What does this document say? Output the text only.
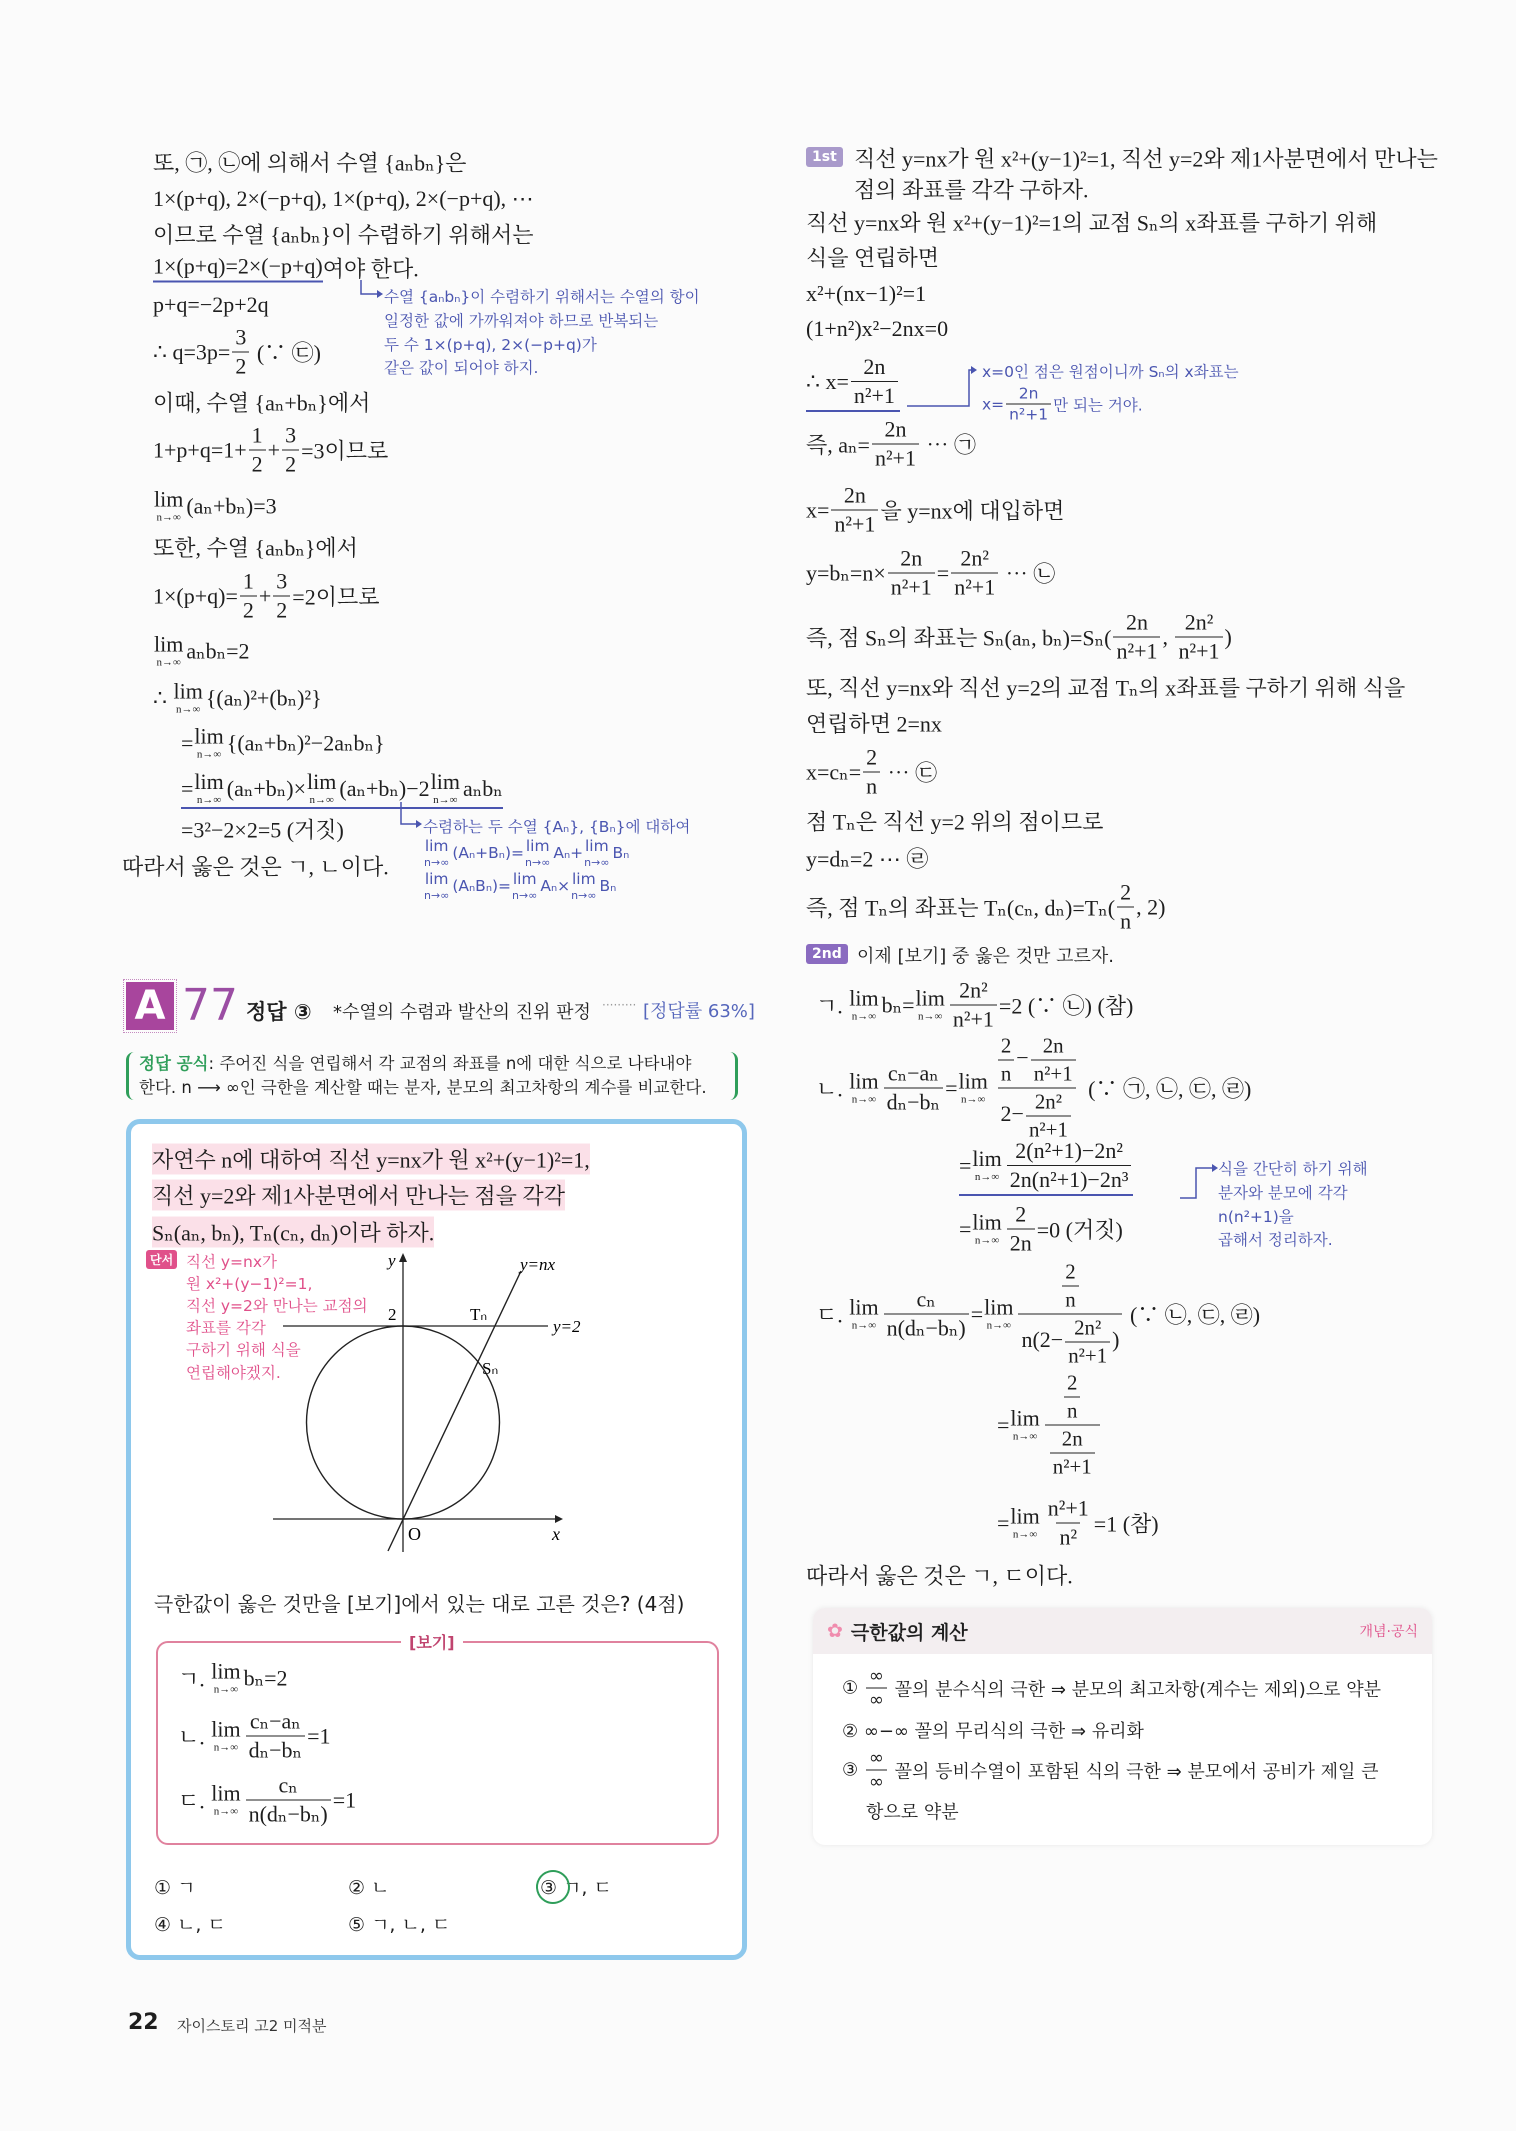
또, ㉠, ㉡에 의해서 수열 {aₙbₙ}은
1×(p+q), 2×(−p+q), 1×(p+q), 2×(−p+q), ⋯
이므로 수열 {aₙbₙ}이 수렴하기 위해서는
1×(p+q)=2×(−p+q) 여야 한다.
p+q=−2p+2q
∴ $q=3p= \frac{3}{2}$ (∵ ㉢)
이때, 수열 {aₙ+bₙ}에서
$1+p+q=1+ \frac{1}{2} + \frac{3}{2} =3$이므로
lim
n→∞ (aₙ+bₙ)=3
또한, 수열 {aₙbₙ}에서
$1\times(p+q)= \frac{1}{2} + \frac{3}{2} =2$이므로
lim
n→∞ aₙbₙ=2
∴ lim
n→∞ {(aₙ)²+(bₙ)²}
= lim
n→∞ {(aₙ+bₙ)²−2aₙbₙ}
= lim
n→∞ (aₙ+bₙ)× lim
n→∞ (aₙ+bₙ)−2 lim
n→∞ aₙbₙ
=3²−2×2=5 (거짓)
따라서 옳은 것은 ㄱ, ㄴ이다.
수열 {aₙbₙ}이 수렴하기 위해서는 수열의 항이
일정한 값에 가까워져야 하므로 반복되는
두 수 1×(p+q), 2×(−p+q)가
같은 값이 되어야 하지.
수렴하는 두 수열 {Aₙ}, {Bₙ}에 대하여
lim
n→∞ (Aₙ+Bₙ)= lim
n→∞ Aₙ+ lim
n→∞ Bₙ
lim
n→∞ (AₙBₙ)= lim
n→∞ Aₙ× lim
n→∞ Bₙ
A 77 정답 ③ *수열의 수렴과 발산의 진위 판정 ········· [정답률 63%]
정답 공식: 주어진 식을 연립해서 각 교점의 좌표를 n에 대한 식으로 나타내야
한다. n ⟶ ∞인 극한을 계산할 때는 분자, 분모의 최고차항의 계수를 비교한다.
자연수 n에 대하여 직선 y=nx가 원 x²+(y−1)²=1,
직선 y=2와 제1사분면에서 만나는 점을 각각
Sₙ(aₙ, bₙ), Tₙ(cₙ, dₙ)이라 하자.
단서 직선 y=nx가
원 x²+(y−1)²=1,
직선 y=2와 만나는 교점의
좌표를 각각
구하기 위해 식을
연립해야겠지.
y
x
O
2
y=nx
y=2
Tₙ
Sₙ
극한값이 옳은 것만을 [보기]에서 있는 대로 고른 것은? (4점)
[보기]
ㄱ. lim
n→∞ bₙ=2
ㄴ. lim
$n\to\infty \frac{\text{cₙ−aₙ}}{\text{dₙ−bₙ}} =1$
ㄷ. lim
$n\to\infty \frac{\text{cₙ}}{\text{n(dₙ−bₙ)}} =1$
① ㄱ	② ㄴ	③ ㄱ, ㄷ
④ ㄴ, ㄷ	⑤ ㄱ, ㄴ, ㄷ
1st 직선 y=nx가 원 x²+(y−1)²=1, 직선 y=2와 제1사분면에서 만나는
점의 좌표를 각각 구하자.
직선 y=nx와 원 x²+(y−1)²=1의 교점 Sₙ의 x좌표를 구하기 위해
식을 연립하면
x²+(nx−1)²=1
(1+n²)x²−2nx=0
∴ $x= \frac{2n}{\text{n²+1}}$
즉, $a_n= \frac{2n}{\text{n²+1}}$ ⋯ ㉠
$x= \frac{2n}{\text{n²+1}}$ 을 y=nx에 대입하면
$y=b_n=n\times \frac{2n}{\text{n²+1}} = \frac{\text{2n²}}{\text{n²+1}}$ ⋯ ㉡
즉, 점 Sₙ의 좌표는 Sₙ(aₙ, $b_n)=S_n( \frac{2n}{\text{n²+1}}$ , $\frac{\text{2n²}}{\text{n²+1}}$ )
또, 직선 y=nx와 직선 y=2의 교점 Tₙ의 x좌표를 구하기 위해 식을
연립하면 2=nx
$x=c_n= \frac{2}{n}$ ⋯ ㉢
점 Tₙ은 직선 y=2 위의 점이므로
y=dₙ=2 ⋯ ㉣
즉, 점 Tₙ의 좌표는 Tₙ(cₙ, $d_n)=T_n( \frac{2}{n}$ , 2)
x=0인 점은 원점이니까 Sₙ의 x좌표는
$x= \frac{2n}{\text{n²+1}}$ 만 되는 거야.
2nd 이제 [보기] 중 옳은 것만 고르자.
ㄱ. lim
n→∞ bₙ= lim
$n\to\infty \frac{\text{2n²}}{\text{n²+1}} =2$ (∵ ㉡) (참)
ㄴ. lim
$n\to\infty \frac{\text{cₙ−aₙ}}{\text{dₙ−bₙ}} = \lim$
$n\to\infty \frac{\frac{2}{n} - \frac{2n}{\text{n²+1}}}{2- \frac{\text{2n²}}{\text{n²+1}}}$ (∵ ㉠, ㉡, ㉢, ㉣)
= lim
$n\to\infty \frac{\text{2(n²+1)−2n²}}{\text{2n(n²+1)−2n³}}$
= lim
$n\to\infty \frac{2}{2n} =0$ (거짓)
ㄷ. lim
$n\to\infty \frac{\text{cₙ}}{\text{n(dₙ−bₙ)}} = \lim$
$n\to\infty \frac{\frac{2}{n}}{n(2- \frac{\text{2n²}}{\text{n²+1}} )}$ (∵ ㉡, ㉢, ㉣)
= lim
$n\to\infty \frac{\frac{2}{n}}{\frac{2n}{\text{n²+1}}}$
= lim
$n\to\infty \frac{\text{n²+1}}{\text{n²}} =1$ (참)
따라서 옳은 것은 ㄱ, ㄷ이다.
식을 간단히 하기 위해
분자와 분모에 각각
n(n²+1)을
곱해서 정리하자.
✿ 극한값의 계산	개념·공식
① $\frac{\infty}{\infty}$ 꼴의 분수식의 극한 ⇒ 분모의 최고차항(계수는 제외)으로 약분
② ∞−∞ 꼴의 무리식의 극한 ⇒ 유리화
③ $\frac{\infty}{\infty}$ 꼴의 등비수열이 포함된 식의 극한 ⇒ 분모에서 공비가 제일 큰
항으로 약분
22 자이스토리 고2 미적분
